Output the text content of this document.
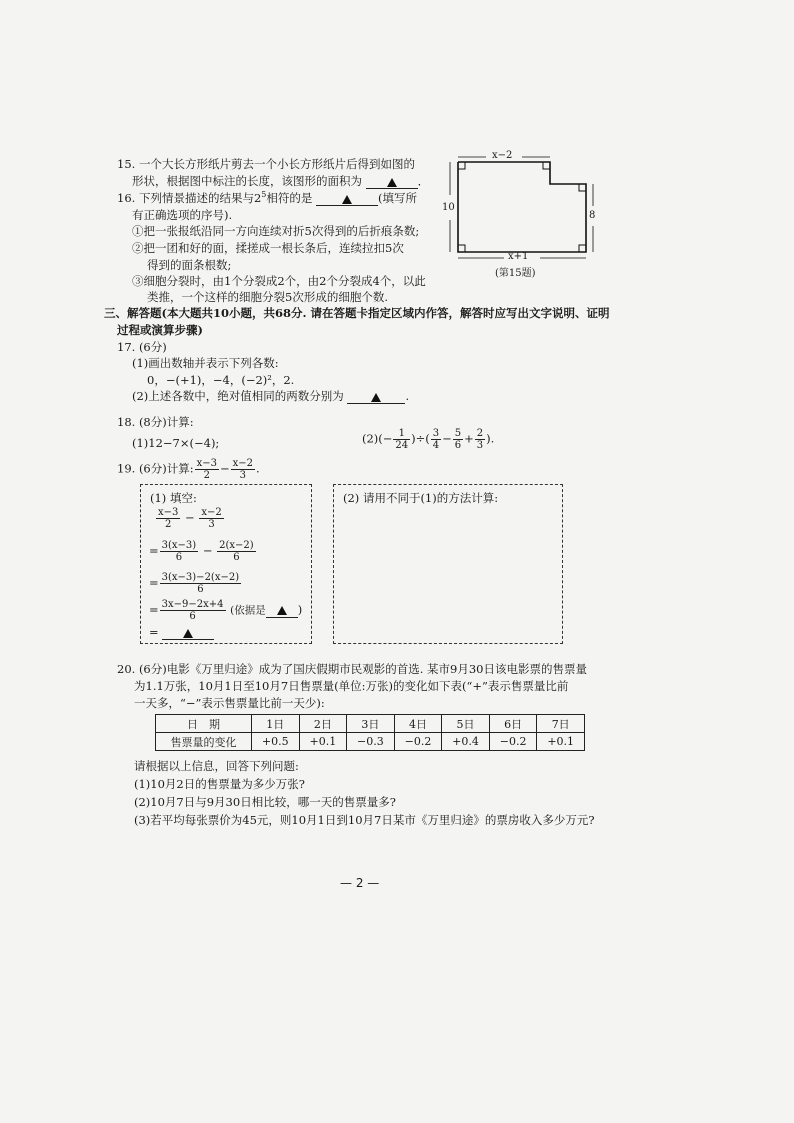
15. 一个大长方形纸片剪去一个小长方形纸片后得到如图的
形状，根据图中标注的长度，该图形的面积为	．
x−2
10
8
x+1
(第15题)
16. 下列情景描述的结果与$2^5$相符的是	(填写所
有正确选项的序号).
①把一张报纸沿同一方向连续对折5次得到的后折痕条数;
②把一团和好的面，揉搓成一根长条后，连续拉扣5次
得到的面条根数;
③细胞分裂时，由1个分裂成2个，由2个分裂成4个，以此
类推，一个这样的细胞分裂5次形成的细胞个数.
三、解答题(本大题共10小题，共68分. 请在答题卡指定区域内作答，解答时应写出文字说明、证明
过程或演算步骤)
17. (6分)
(1)画出数轴并表示下列各数:
0，−(+1)，−4，(−2)²，2.
(2)上述各数中，绝对值相同的两数分别为	.
18. (8分)计算:
(1)12−7×(−4);	$(2)(- \frac{1}{24}$ )÷( $\frac{3}{4} - \frac{5}{6} + \frac{2}{3}$ ).
19. (6分)计算: $\frac{x-3}{2} - \frac{x-2}{3}$ .
(1) 填空:
$\frac{x-3}{2} - \frac{x-2}{3}$
= $\frac{3(x-3)}{6} - \frac{2(x-2)}{6}$
= $\frac{3(x-3)-2(x-2)}{6}$
= $\frac{3x-9-2x+4}{6}$ (依据是	)
=
(2) 请用不同于(1)的方法计算:
20. (6分)电影《万里归途》成为了国庆假期市民观影的首选. 某市9月30日该电影票的售票量
为1.1万张，10月1日至10月7日售票量(单位:万张)的变化如下表(“+”表示售票量比前
一天多，“−”表示售票量比前一天少):
日　期	1日	2日	3日	4日	5日	6日	7日
售票量的变化	+0.5	+0.1	−0.3	−0.2	+0.4	−0.2	+0.1
请根据以上信息，回答下列问题:
(1)10月2日的售票量为多少万张?
(2)10月7日与9月30日相比较，哪一天的售票量多?
(3)若平均每张票价为45元，则10月1日到10月7日某市《万里归途》的票房收入多少万元?
— 2 —
